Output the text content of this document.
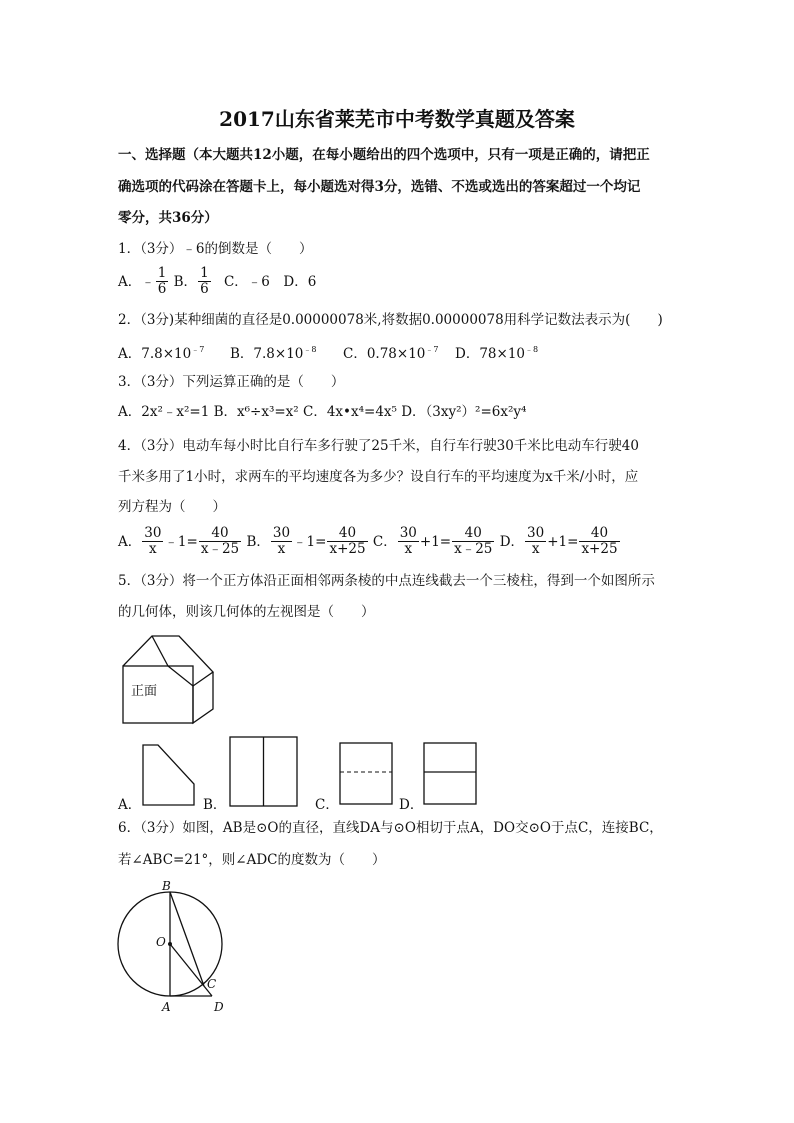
2017山东省莱芜市中考数学真题及答案
一、选择题（本大题共12小题，在每小题给出的四个选项中，只有一项是正确的，请把正
确选项的代码涂在答题卡上，每小题选对得3分，选错、不选或选出的答案超过一个均记
零分，共36分）
1．（3分）﹣6的倒数是（　　）
A．﹣ $\frac{1}{6}$ B． $\frac{1}{6}$ C．﹣6　D．6
2．（3分)某种细菌的直径是0.00000078米,将数据0.00000078用科学记数法表示为(　　)
A．$7.8\times 10^{﹣7}$ B．$7.8\times 10^{﹣8}$ C．$0.78\times 10^{﹣7}$ D．$78\times 10^{﹣8}$
3．（3分）下列运算正确的是（　　）
A．2x²﹣x²=1 B．x⁶÷x³=x² C．4x•x⁴=4x⁵ D．（3xy²）²=6x²y⁴
4．（3分）电动车每小时比自行车多行驶了25千米，自行车行驶30千米比电动车行驶40
千米多用了1小时，求两车的平均速度各为多少？设自行车的平均速度为x千米/小时，应
列方程为（　　）
A． $\frac{30}{x}$ ﹣1= $\frac{40}{x﹣25}$ B． $\frac{30}{x}$ ﹣1= $\frac{40}{x+25}$ C． $\frac{30}{x} +1= \frac{40}{x﹣25}$ D． $\frac{30}{x} +1= \frac{40}{x+25}$
5．（3分）将一个正方体沿正面相邻两条棱的中点连线截去一个三棱柱，得到一个如图所示
的几何体，则该几何体的左视图是（　　）
正面
A．	B．	C．	D．
6．（3分）如图，AB是⊙O的直径，直线DA与⊙O相切于点A，DO交⊙O于点C，连接BC，
若∠ABC=21°，则∠ADC的度数为（　　）
B
O
C
A	D
